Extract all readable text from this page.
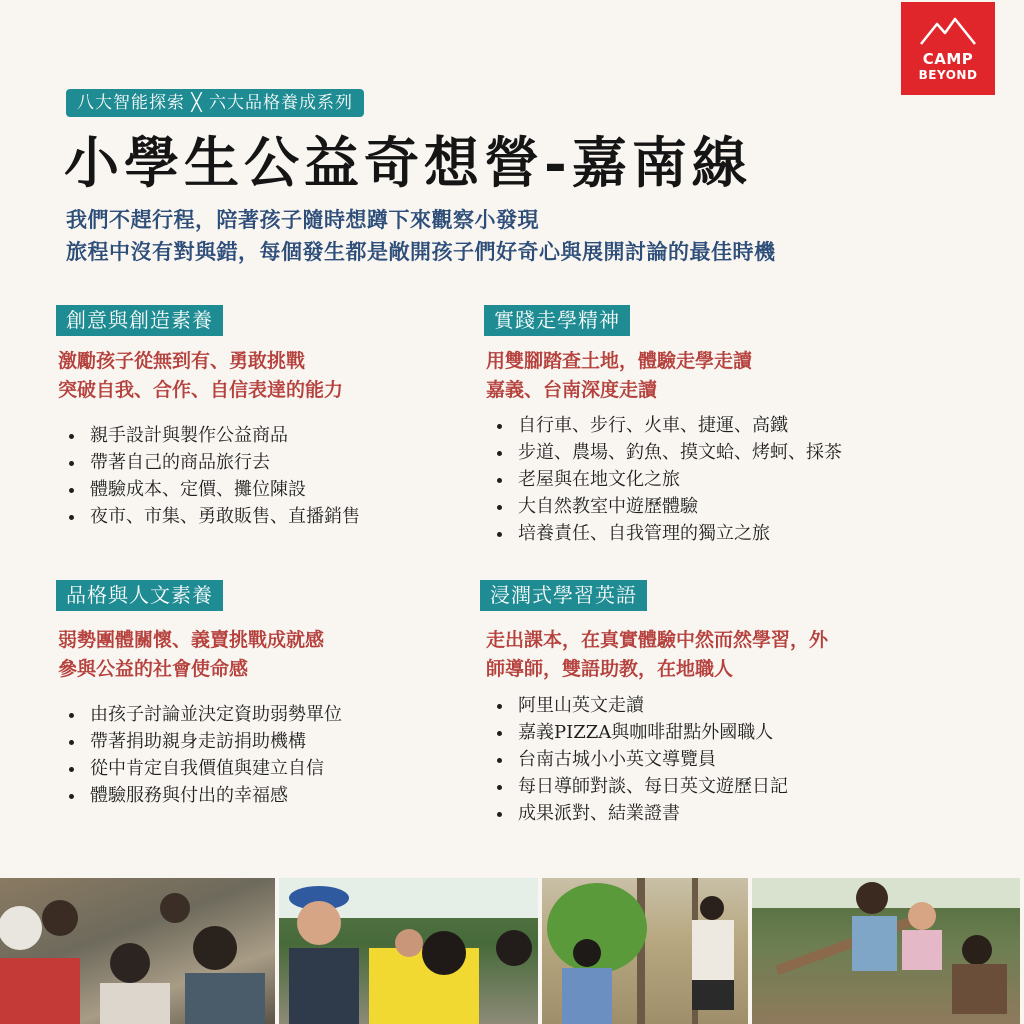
CAMP
BEYOND
八大智能探索 ╳ 六大品格養成系列
小學生公益奇想營-嘉南線
我們不趕行程，陪著孩子隨時想蹲下來觀察小發現
旅程中沒有對與錯，每個發生都是敞開孩子們好奇心與展開討論的最佳時機
創意與創造素養
激勵孩子從無到有、勇敢挑戰
突破自我、合作、自信表達的能力
• 親手設計與製作公益商品
• 帶著自己的商品旅行去
• 體驗成本、定價、攤位陳設
• 夜市、市集、勇敢販售、直播銷售
實踐走學精神
用雙腳踏查土地，體驗走學走讀
嘉義、台南深度走讀
• 自行車、步行、火車、捷運、高鐵
• 步道、農場、釣魚、摸文蛤、烤蚵、採茶
• 老屋與在地文化之旅
• 大自然教室中遊歷體驗
• 培養責任、自我管理的獨立之旅
品格與人文素養
弱勢團體關懷、義賣挑戰成就感
參與公益的社會使命感
• 由孩子討論並決定資助弱勢單位
• 帶著捐助親身走訪捐助機構
• 從中肯定自我價值與建立自信
• 體驗服務與付出的幸福感
浸潤式學習英語
走出課本，在真實體驗中然而然學習，外
師導師，雙語助教，在地職人
• 阿里山英文走讀
• 嘉義PIZZA與咖啡甜點外國職人
• 台南古城小小英文導覽員
• 每日導師對談、每日英文遊歷日記
• 成果派對、結業證書
